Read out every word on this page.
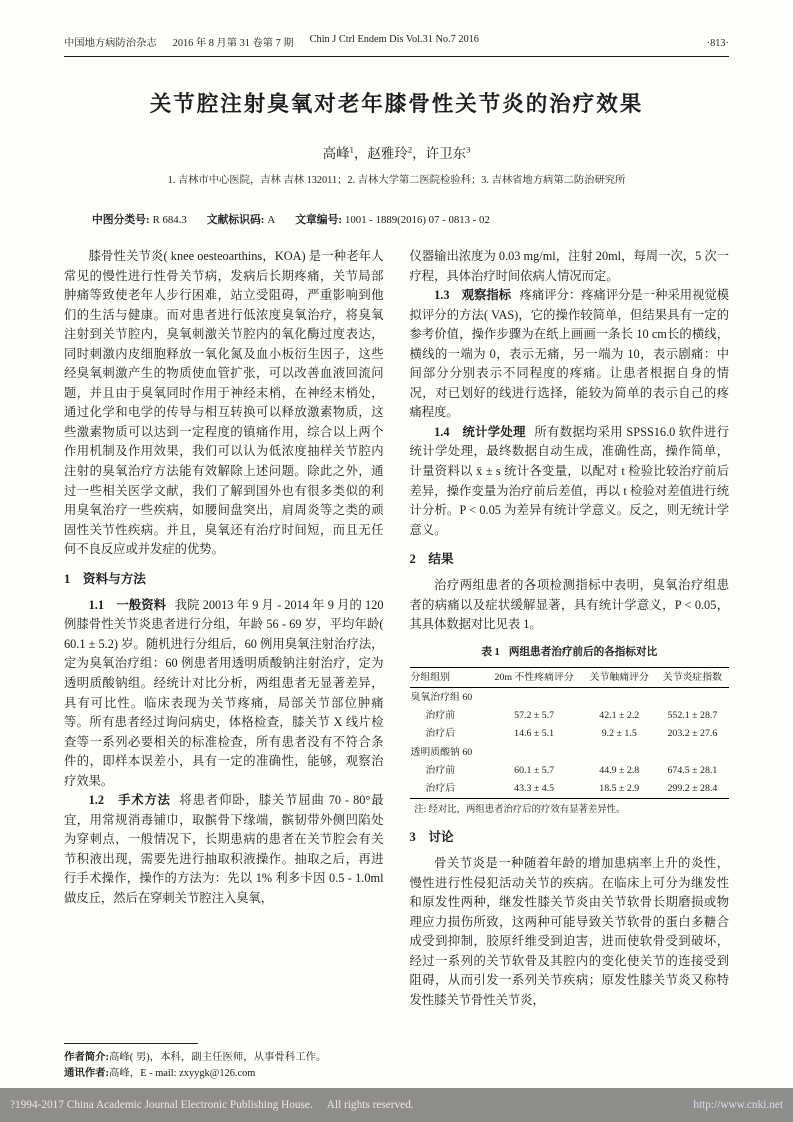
中国地方病防治杂志 2016 年 8 月第 31 卷第 7 期 Chin J Ctrl Endem Dis Vol.31 No.7 2016	·813·
关节腔注射臭氧对老年膝骨性关节炎的治疗效果
高峰$^1$，赵雅玲$^2$，许卫东$^3$
1. 吉林市中心医院，吉林 吉林 132011；2. 吉林大学第二医院检验科；3. 吉林省地方病第二防治研究所
中图分类号: R 684.3 文献标识码: A 文章编号: 1001 - 1889(2016) 07 - 0813 - 02

膝骨性关节炎( knee oesteoarthins，KOA) 是一种老年人常见的慢性进行性骨关节病，发病后长期疼痛，关节局部肿痛等致使老年人步行困难，站立受阻碍，严重影响到他们的生活与健康。而对患者进行低浓度臭氧治疗，将臭氧注射到关节腔内，臭氧刺激关节腔内的氧化酶过度表达，同时刺激内皮细胞释放一氧化氮及血小板衍生因子，这些经臭氧刺激产生的物质使血管扩张，可以改善血液回流问题，并且由于臭氧同时作用于神经末梢，在神经末梢处，通过化学和电学的传导与相互转换可以释放激素物质，这些激素物质可以达到一定程度的镇痛作用，综合以上两个作用机制及作用效果，我们可以认为低浓度抽样关节腔内注射的臭氧治疗方法能有效解除上述问题。除此之外，通过一些相关医学文献，我们了解到国外也有很多类似的利用臭氧治疗一些疾病，如腰间盘突出，肩周炎等之类的顽固性关节性疾病。并且，臭氧还有治疗时间短，而且无任何不良反应或并发症的优势。

1　资料与方法

1.1　一般资料 我院 20013 年 9 月 - 2014 年 9 月的 120 例膝骨性关节炎患者进行分组，年龄 56 - 69 岁，平均年龄( 60.1 ± 5.2) 岁。随机进行分组后，60 例用臭氧注射治疗法，定为臭氧治疗组：60 例患者用透明质酸钠注射治疗，定为透明质酸钠组。经统计对比分析，两组患者无显著差异，具有可比性。临床表现为关节疼痛，局部关节部位肿痛等。所有患者经过询问病史，体格检查，膝关节 X 线片检查等一系列必要相关的标准检查，所有患者没有不符合条件的，即样本误差小，具有一定的准确性，能够，观察治疗效果。

1.2　手术方法 将患者仰卧，膝关节屈曲 70 - 80°最宜，用常规消毒铺巾，取髌骨下缘端，髌韧带外侧凹陷处为穿刺点，一般情况下，长期患病的患者在关节腔会有关节积液出现，需要先进行抽取积液操作。抽取之后，再进行手术操作，操作的方法为：先以 1% 利多卡因 0.5 - 1.0ml 做皮丘，然后在穿刺关节腔注入臭氧，

作者简介:高峰( 男)，本科，副主任医师，从事骨科工作。
通讯作者:高峰，E - mail: zxyygk@126.com

仪器输出浓度为 0.03 mg/ml，注射 20ml，每周一次，5 次一疗程，具体治疗时间依病人情况而定。

1.3　观察指标 疼痛评分：疼痛评分是一种采用视觉模拟评分的方法( VAS)，它的操作较简单，但结果具有一定的参考价值，操作步骤为在纸上画画一条长 10 cm长的横线，横线的一端为 0，表示无痛，另一端为 10，表示剧痛：中间部分分别表示不同程度的疼痛。让患者根据自身的情况，对已划好的线进行选择，能较为简单的表示自己的疼痛程度。

1.4　统计学处理 所有数据均采用 SPSS16.0 软件进行统计学处理，最终数据自动生成，准确性高，操作简单，计量资料以 x̄ ± s 统计各变量，以配对 t 检验比较治疗前后差异，操作变量为治疗前后差值，再以 t 检验对差值进行统计分析。P < 0.05 为差异有统计学意义。反之，则无统计学意义。

2　结果

治疗两组患者的各项检测指标中表明，臭氧治疗组患者的病痛以及症状缓解显著，具有统计学意义，P < 0.05，其具体数据对比见表 1。

表 1 两组患者治疗前后的各指标对比
分组组别	20m 不性疼痛评分	关节触痛评分	关节炎症指数
臭氧治疗组 60			
治疗前	57.2 ± 5.7	42.1 ± 2.2	552.1 ± 28.7
治疗后	14.6 ± 5.1	9.2 ± 1.5	203.2 ± 27.6
透明质酸钠 60			
治疗前	60.1 ± 5.7	44.9 ± 2.8	674.5 ± 28.1
治疗后	43.3 ± 4.5	18.5 ± 2.9	299.2 ± 28.4
注: 经对比，两组患者治疗后的疗效有显著差异性。
3　讨论

骨关节炎是一种随着年龄的增加患病率上升的炎性，慢性进行性侵犯活动关节的疾病。在临床上可分为继发性和原发性两种，继发性膝关节炎由关节软骨长期磨损或物理应力损伤所致，这两种可能导致关节软骨的蛋白多糖合成受到抑制，胶原纤维受到迫害，进而使软骨受到破坏，经过一系列的关节软骨及其腔内的变化使关节的连接受到阻碍，从而引发一系列关节疾病；原发性膝关节炎又称特发性膝关节骨性关节炎，

?1994-2017 China Academic Journal Electronic Publishing House. All rights reserved.	http://www.cnki.net
